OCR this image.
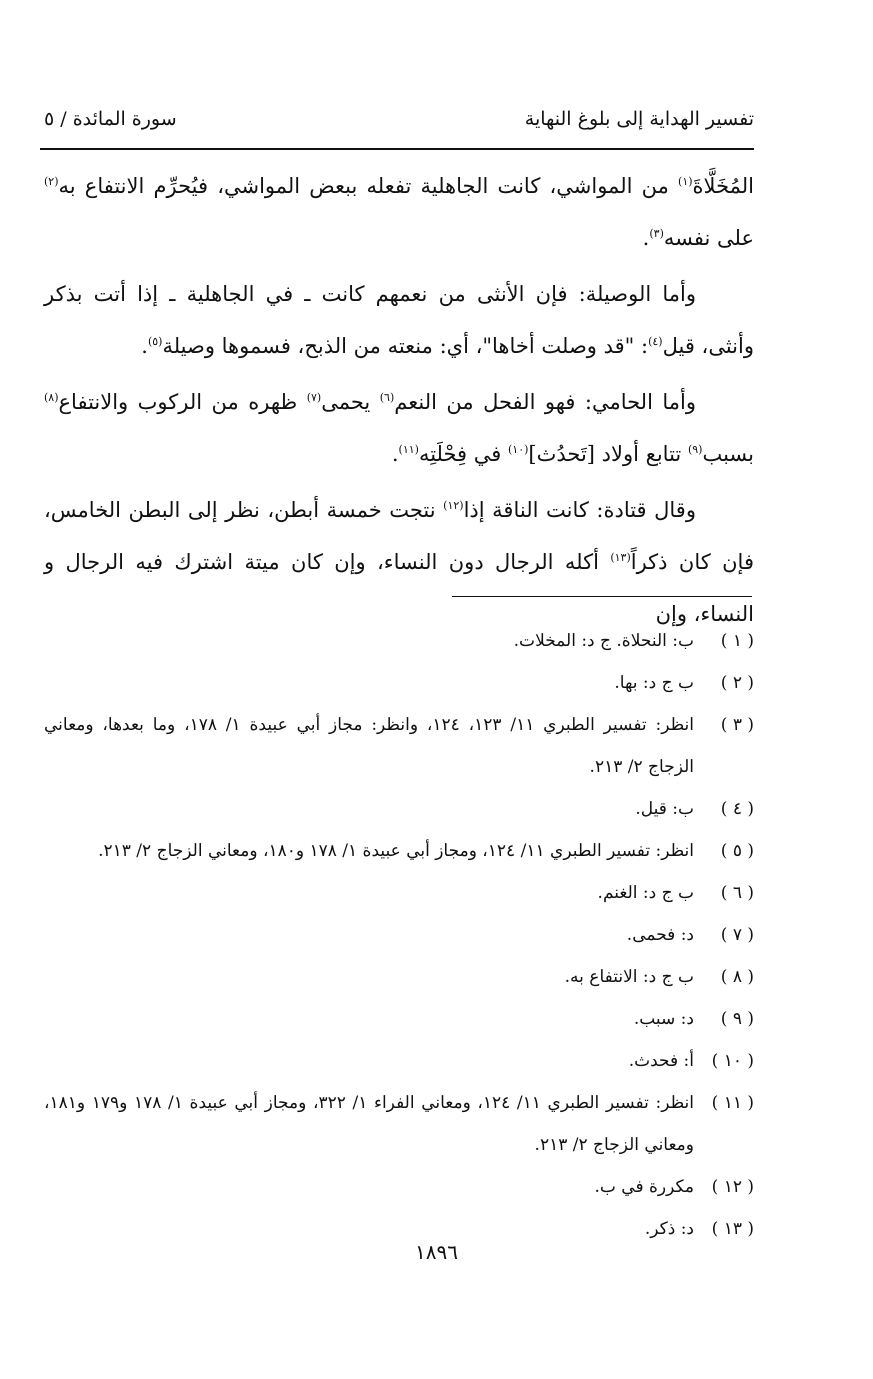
تفسير الهداية إلى بلوغ النهاية
سورة المائدة / ٥

المُخَلَّاةَ$^{(١)}$ من المواشي، كانت الجاهلية تفعله ببعض المواشي، فيُحرِّم الانتفاع به$^{(٢)}$ على نفسه$^{(٣)}$.

وأما الوصيلة: فإن الأنثى من نعمهم كانت ـ في الجاهلية ـ إذا أتت بذكر وأنثى، قيل$^{(٤)}$: "قد وصلت أخاها"، أي: منعته من الذبح، فسموها وصيلة$^{(٥)}$.

وأما الحامي: فهو الفحل من النعم$^{(٦)}$ يحمى$^{(٧)}$ ظهره من الركوب والانتفاع$^{(٨)}$ بسبب$^{(٩)}$ تتابع أولاد [تَحدُث]$^{(١٠)}$ في فِحْلَتِه$^{(١١)}$.

وقال قتادة: كانت الناقة إذا$^{(١٢)}$ نتجت خمسة أبطن، نظر إلى البطن الخامس، فإن كان ذكراً$^{(١٣)}$ أكله الرجال دون النساء، وإن كان ميتة اشترك فيه الرجال و النساء، وإن

( ١ )
ب: النحلاة. ج د: المخلات.
( ٢ )
ب ج د: بها.
( ٣ )
انظر: تفسير الطبري ١١/ ١٢٣، ١٢٤، وانظر: مجاز أبي عبيدة ١/ ١٧٨، وما بعدها، ومعاني الزجاج ٢/ ٢١٣.
( ٤ )
ب: قيل.
( ٥ )
انظر: تفسير الطبري ١١/ ١٢٤، ومجاز أبي عبيدة ١/ ١٧٨ و١٨٠، ومعاني الزجاج ٢/ ٢١٣.
( ٦ )
ب ج د: الغنم.
( ٧ )
د: فحمى.
( ٨ )
ب ج د: الانتفاع به.
( ٩ )
د: سبب.
( ١٠ )
أ: فحدث.
( ١١ )
انظر: تفسير الطبري ١١/ ١٢٤، ومعاني الفراء ١/ ٣٢٢، ومجاز أبي عبيدة ١/ ١٧٨ و١٧٩ و١٨١، ومعاني الزجاج ٢/ ٢١٣.
( ١٢ )
مكررة في ب.
( ١٣ )
د: ذكر.
١٨٩٦
